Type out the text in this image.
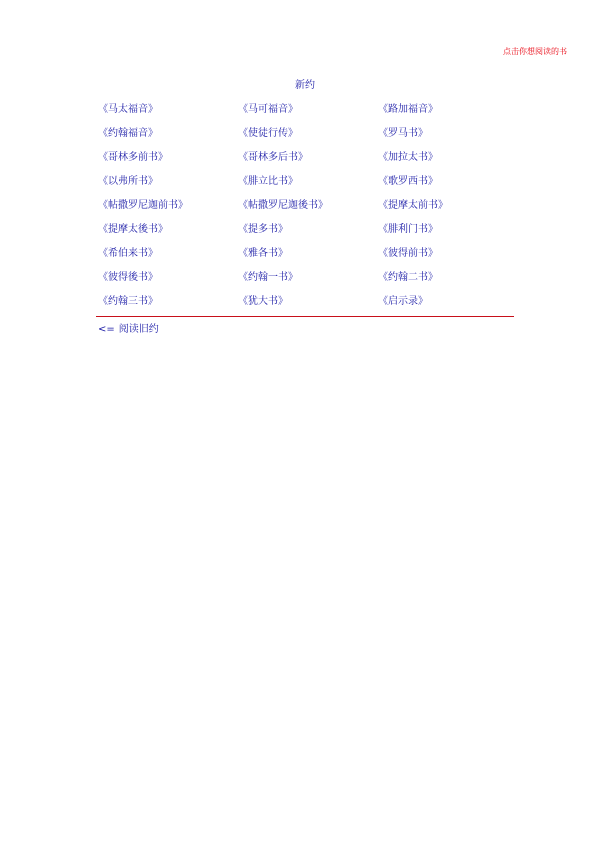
点击你想阅读的书
新约
《马太福音》	《马可福音》	《路加福音》
《约翰福音》	《使徒行传》	《罗马书》
《哥林多前书》	《哥林多后书》	《加拉太书》
《以弗所书》	《腓立比书》	《歌罗西书》
《帖撒罗尼迦前书》	《帖撒罗尼迦後书》	《提摩太前书》
《提摩太後书》	《提多书》	《腓利门书》
《希伯来书》	《雅各书》	《彼得前书》
《彼得後书》	《约翰一书》	《约翰二书》
《约翰三书》	《犹大书》	《启示录》
<= 阅读旧约
